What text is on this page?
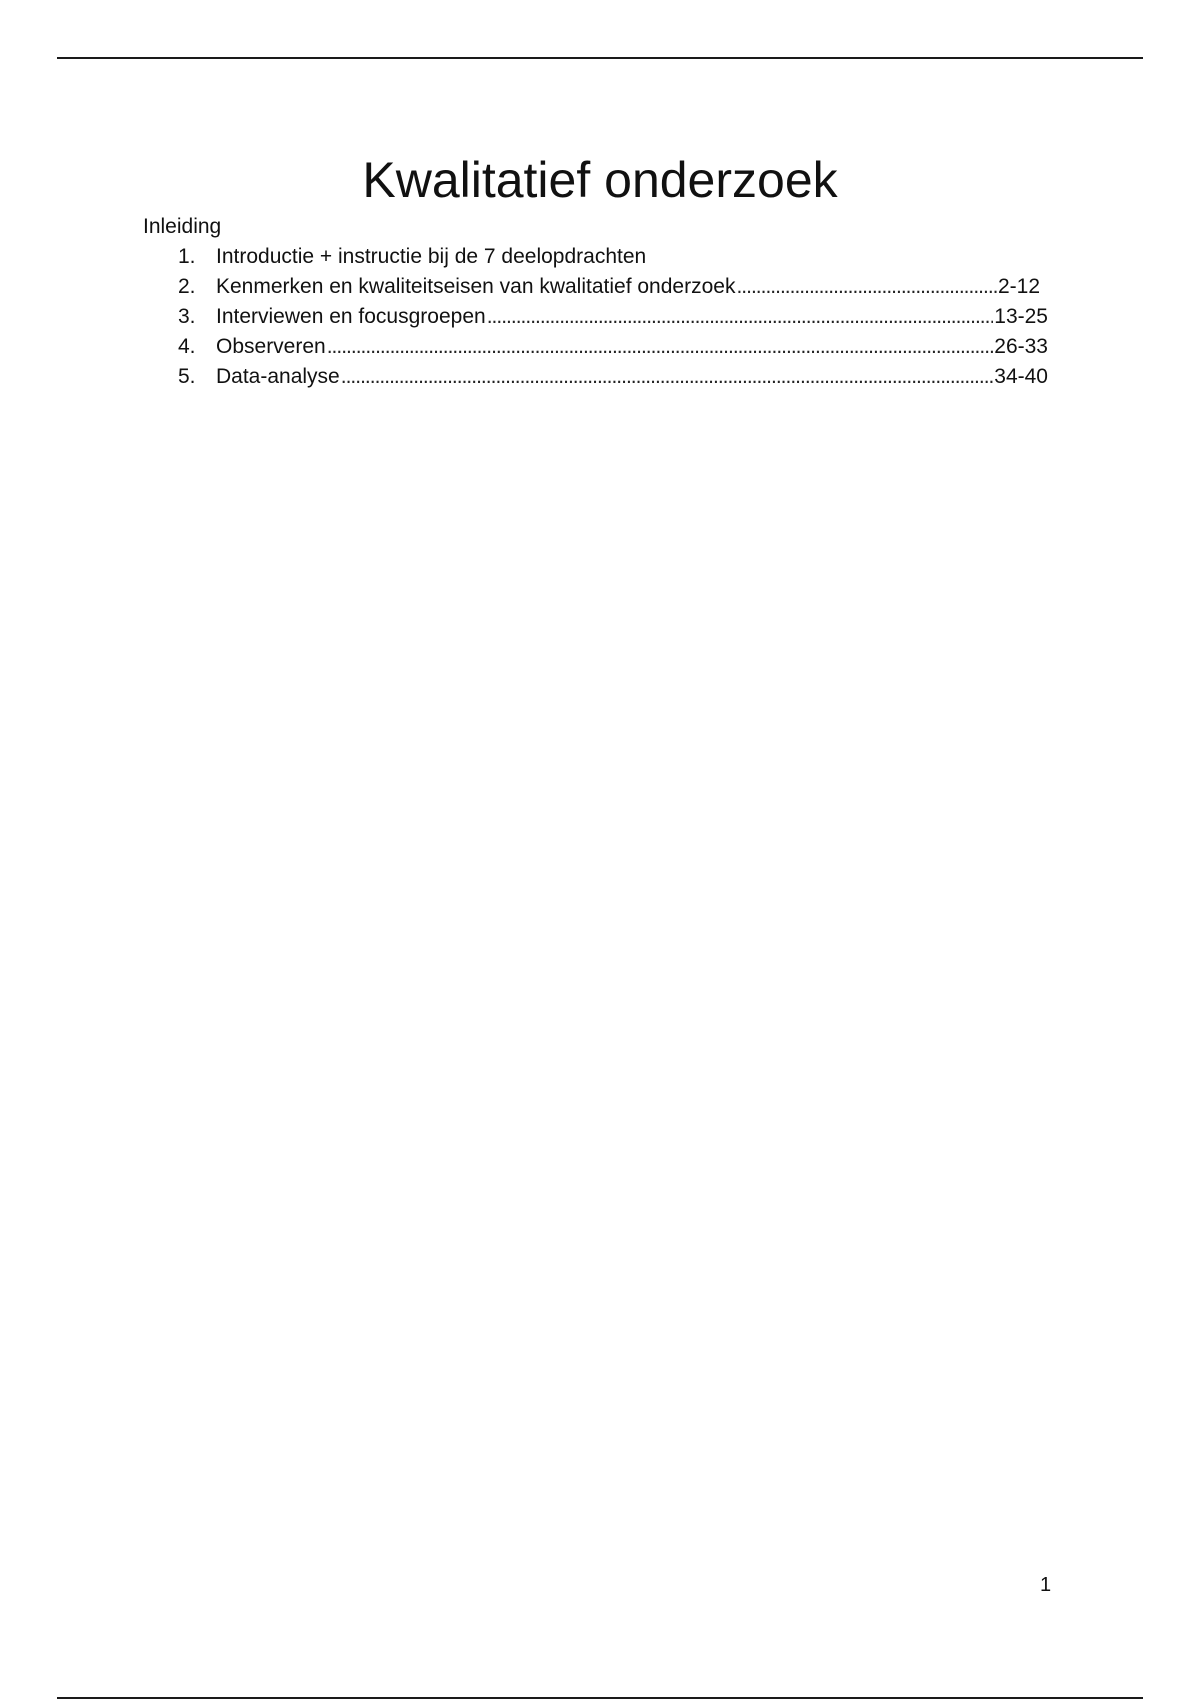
Kwalitatief onderzoek
Inleiding
1. Introductie + instructie bij de 7 deelopdrachten
2. Kenmerken en kwaliteitseisen van kwalitatief onderzoek .....	2-12
3. Interviewen en focusgroepen .....	13-25
4. Observeren .....	26-33
5. Data-analyse .....	34-40
1
